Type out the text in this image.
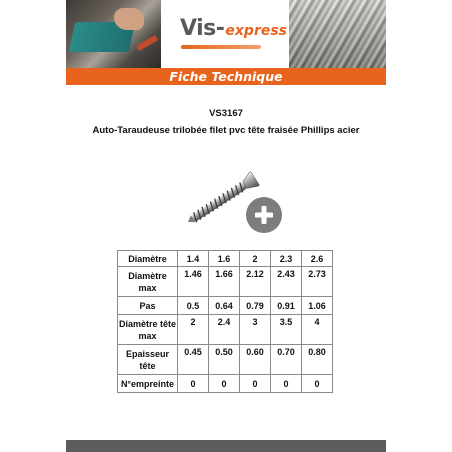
Vis- express
Fiche Technique
VS3167
Auto-Taraudeuse trilobée filet pvc tête fraisée Phillips acier
Diamètre	1.4	1.6	2	2.3	2.6
Diamètre max	1.46	1.66	2.12	2.43	2.73
Pas	0.5	0.64	0.79	0.91	1.06
Diamètre tête max	2	2.4	3	3.5	4
Epaisseur tête	0.45	0.50	0.60	0.70	0.80
N°empreinte	0	0	0	0	0
